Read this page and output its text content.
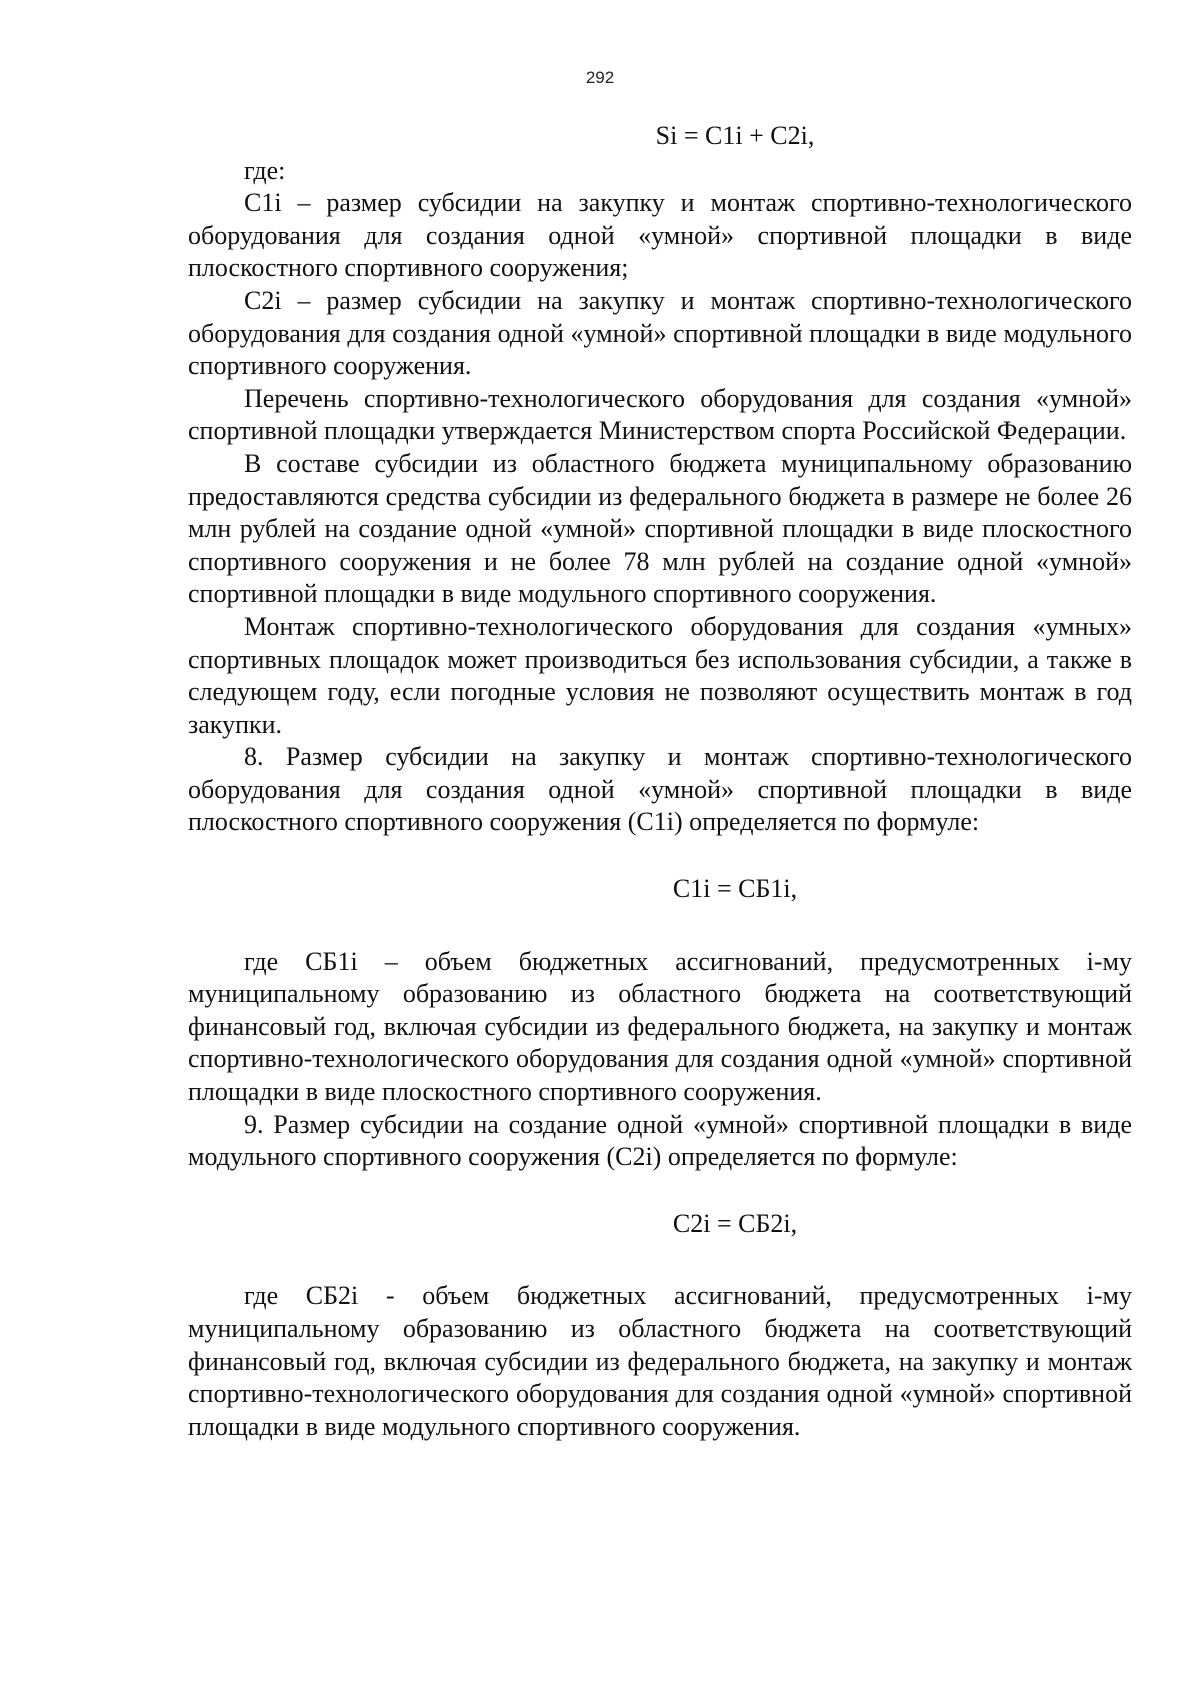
292
Si = C1i + C2i,

где:

C1i – размер субсидии на закупку и монтаж спортивно-технологического оборудования для создания одной «умной» спортивной площадки в виде плоскостного спортивного сооружения;

C2i – размер субсидии на закупку и монтаж спортивно-технологического оборудования для создания одной «умной» спортивной площадки в виде модульного спортивного сооружения.

Перечень спортивно-технологического оборудования для создания «умной» спортивной площадки утверждается Министерством спорта Российской Федерации.

В составе субсидии из областного бюджета муниципальному образованию предоставляются средства субсидии из федерального бюджета в размере не более 26 млн рублей на создание одной «умной» спортивной площадки в виде плоскостного спортивного сооружения и не более 78 млн рублей на создание одной «умной» спортивной площадки в виде модульного спортивного сооружения.

Монтаж спортивно-технологического оборудования для создания «умных» спортивных площадок может производиться без использования субсидии, а также в следующем году, если погодные условия не позволяют осуществить монтаж в год закупки.

8. Размер субсидии на закупку и монтаж спортивно-технологического оборудования для создания одной «умной» спортивной площадки в виде плоскостного спортивного сооружения (C1i) определяется по формуле:

C1i = СБ1i,

где СБ1i – объем бюджетных ассигнований, предусмотренных i-му муниципальному образованию из областного бюджета на соответствующий финансовый год, включая субсидии из федерального бюджета, на закупку и монтаж спортивно-технологического оборудования для создания одной «умной» спортивной площадки в виде плоскостного спортивного сооружения.

9. Размер субсидии на создание одной «умной» спортивной площадки в виде модульного спортивного сооружения (C2i) определяется по формуле:

C2i = СБ2i,

где СБ2i - объем бюджетных ассигнований, предусмотренных i-му муниципальному образованию из областного бюджета на соответствующий финансовый год, включая субсидии из федерального бюджета, на закупку и монтаж спортивно-технологического оборудования для создания одной «умной» спортивной площадки в виде модульного спортивного сооружения.
